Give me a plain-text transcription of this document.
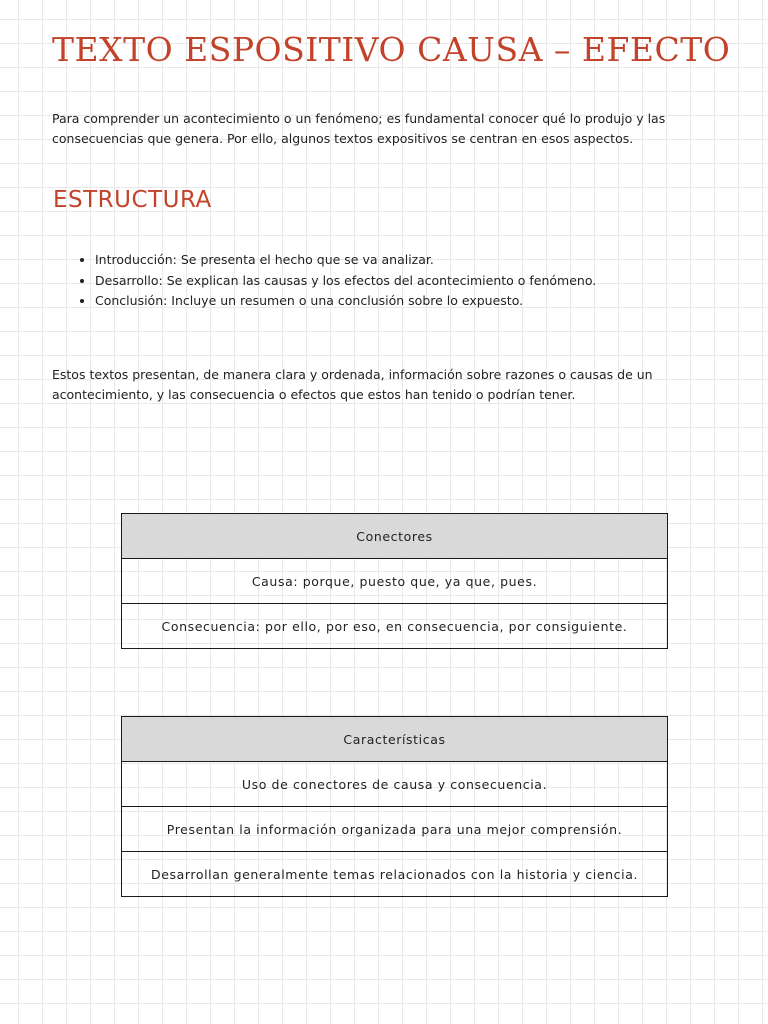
TEXTO ESPOSITIVO CAUSA – EFECTO

Para comprender un acontecimiento o un fenómeno; es fundamental conocer qué lo produjo y las consecuencias que genera. Por ello, algunos textos expositivos se centran en esos aspectos.

ESTRUCTURA
• Introducción: Se presenta el hecho que se va analizar.
• Desarrollo: Se explican las causas y los efectos del acontecimiento o fenómeno.
• Conclusión: Incluye un resumen o una conclusión sobre lo expuesto.

Estos textos presentan, de manera clara y ordenada, información sobre razones o causas de un acontecimiento, y las consecuencia o efectos que estos han tenido o podrían tener.

Conectores
Causa: porque, puesto que, ya que, pues.
Consecuencia: por ello, por eso, en consecuencia, por consiguiente.
Características
Uso de conectores de causa y consecuencia.
Presentan la información organizada para una mejor comprensión.
Desarrollan generalmente temas relacionados con la historia y ciencia.
